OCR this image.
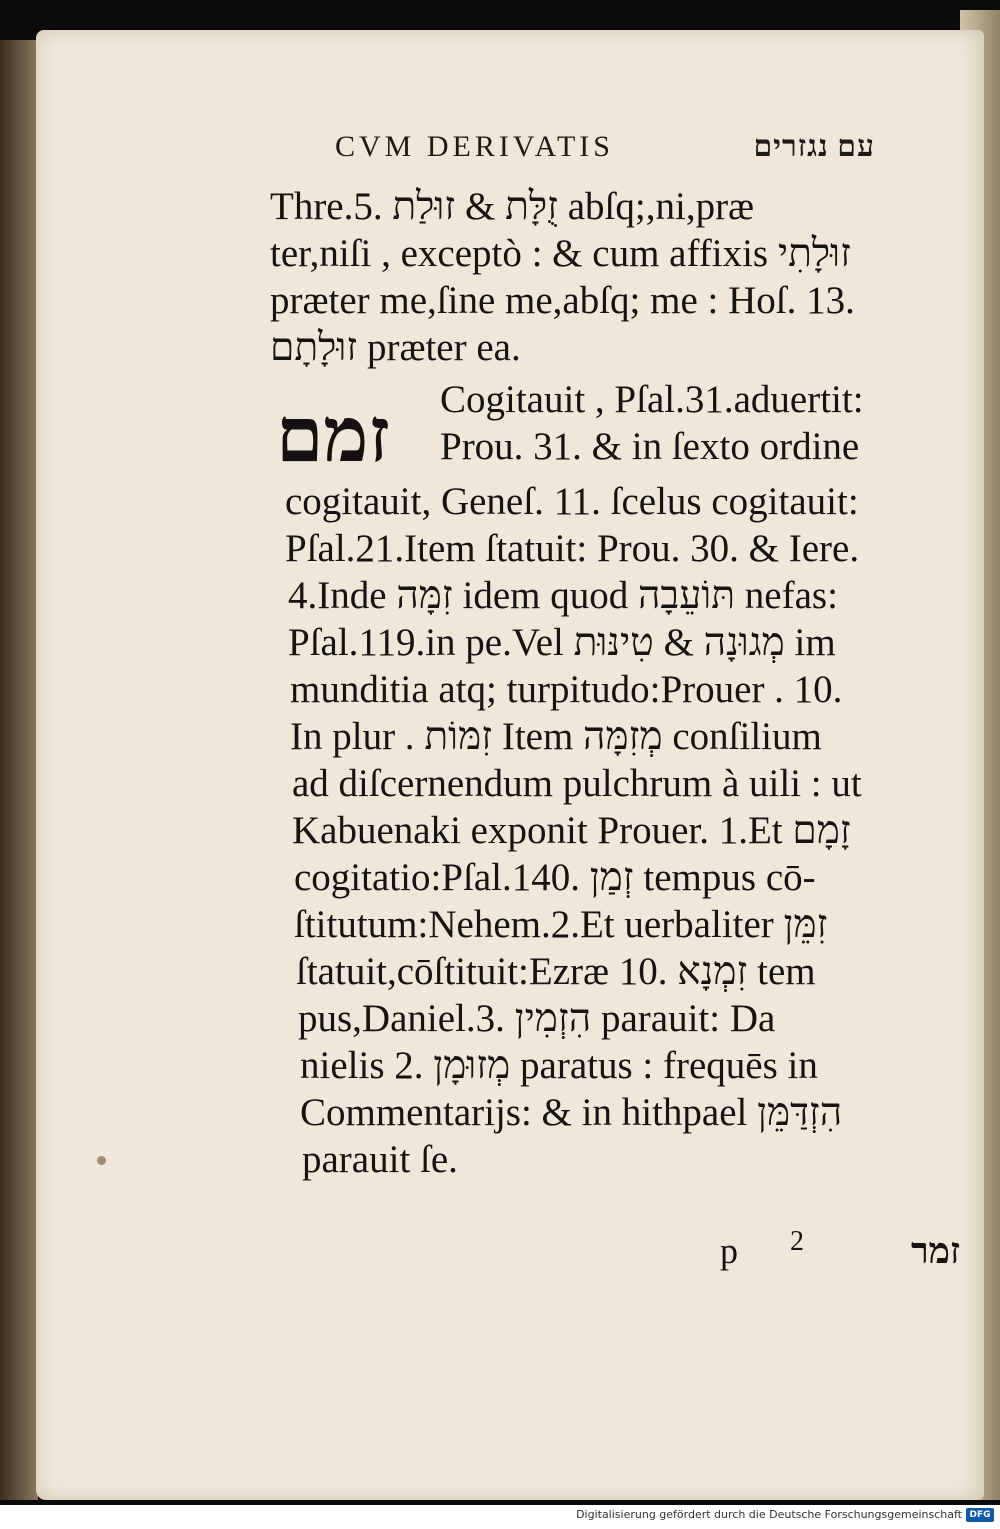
CVM DERIVATIS	עם נגזרים
זמם
Thre.5. זֻלָּת & זוּלַת abſq;,ni,præ
ter,niſi , exceptò : & cum affixis זוּלָתִי
præter me,ſine me,abſq; me : Hoſ. 13.
זוּלָתָם præter ea.
Cogitauit , Pſal.31.aduertit:
Prou. 31. & in ſexto ordine
cogitauit, Geneſ. 11. ſcelus cogitauit:
Pſal.21.Item ſtatuit: Prou. 30. & Iere.
4.Inde זִמָּה idem quod תּוֹעֵבָה nefas:
Pſal.119.in pe.Vel מְגוּנָה & טִינּוּת im
munditia atq; turpitudo:Prouer . 10.
In plur . זִמּוֹת Item מְזִמָּה conſilium
ad diſcernendum pulchrum à uili : ut
Kabuenaki exponit Prouer. 1.Et זָמָם
cogitatio:Pſal.140. זְמַן tempus cō-
ſtitutum:Nehem.2.Et uerbaliter זִמֵּן
ſtatuit,cōſtituit:Ezræ 10. זִמְנָא tem
pus,Daniel.3. הִזְמִין parauit: Da
nielis 2. מְזוּמָן paratus : frequēs in
Commentarijs: & in hithpael הִזְדַּמֵּן
parauit ſe.
p 2	זמר
Digitalisierung gefördert durch die Deutsche Forschungsgemeinschaft DFG
